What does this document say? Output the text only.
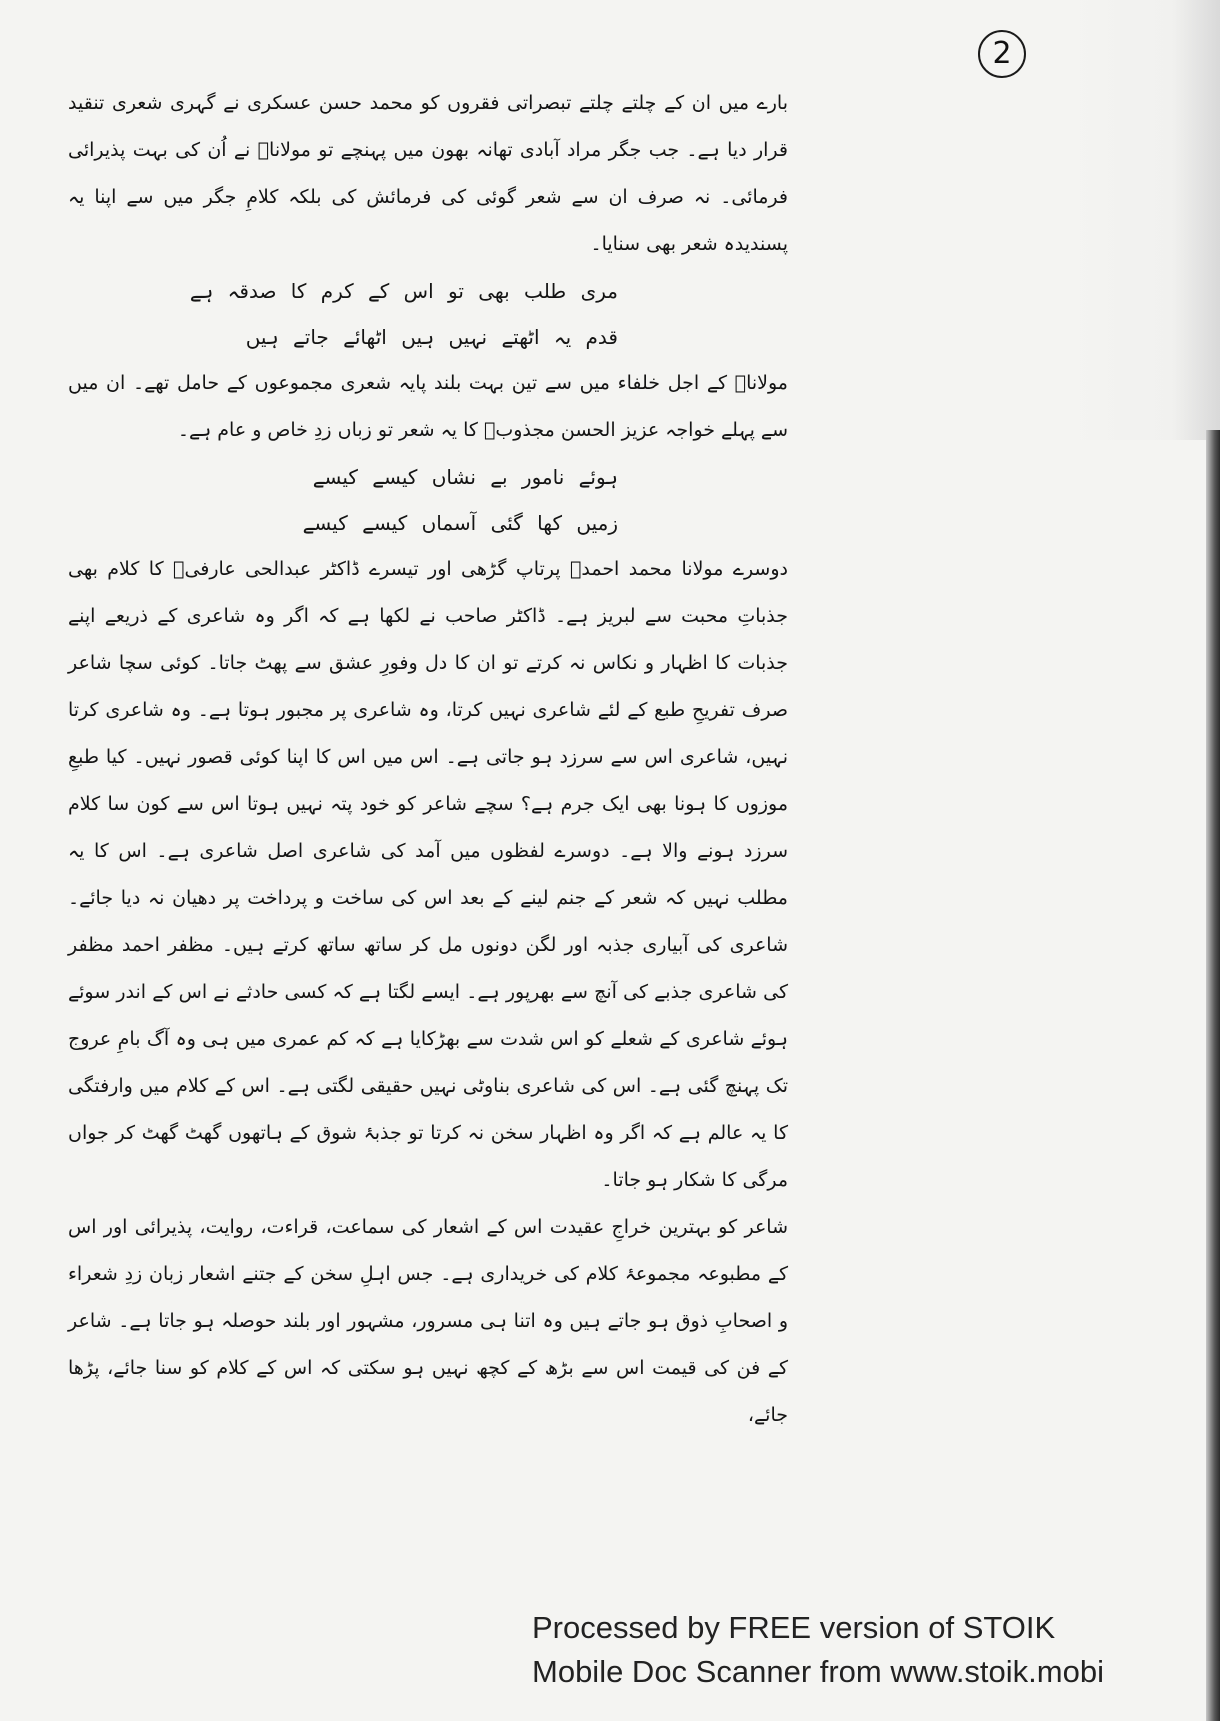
2

بارے میں ان کے چلتے چلتے تبصراتی فقروں کو محمد حسن عسکری نے گہری شعری تنقید قرار دیا ہے۔ جب جگر مراد آبادی تھانہ بھون میں پہنچے تو مولاناؒ نے اُن کی بہت پذیرائی فرمائی۔ نہ صرف ان سے شعر گوئی کی فرمائش کی بلکہ کلامِ جگر میں سے اپنا یہ پسندیدہ شعر بھی سنایا۔

مری طلب بھی تو اس کے کرم کا صدقہ ہے

قدم یہ اٹھتے نہیں ہیں اٹھائے جاتے ہیں

مولاناؒ کے اجل خلفاء میں سے تین بہت بلند پایہ شعری مجموعوں کے حامل تھے۔ ان میں سے پہلے خواجہ عزیز الحسن مجذوبؔ کا یہ شعر تو زباں زدِ خاص و عام ہے۔

ہوئے نامور بے نشاں کیسے کیسے

زمیں کھا گئی آسماں کیسے کیسے

دوسرے مولانا محمد احمدؔ پرتاپ گڑھی اور تیسرے ڈاکٹر عبدالحی عارفیؔ کا کلام بھی جذباتِ محبت سے لبریز ہے۔ ڈاکٹر صاحب نے لکھا ہے کہ اگر وہ شاعری کے ذریعے اپنے جذبات کا اظہار و نکاس نہ کرتے تو ان کا دل وفورِ عشق سے پھٹ جاتا۔ کوئی سچا شاعر صرف تفریحِ طبع کے لئے شاعری نہیں کرتا، وہ شاعری پر مجبور ہوتا ہے۔ وہ شاعری کرتا نہیں، شاعری اس سے سرزد ہو جاتی ہے۔ اس میں اس کا اپنا کوئی قصور نہیں۔ کیا طبعِ موزوں کا ہونا بھی ایک جرم ہے؟ سچے شاعر کو خود پتہ نہیں ہوتا اس سے کون سا کلام سرزد ہونے والا ہے۔ دوسرے لفظوں میں آمد کی شاعری اصل شاعری ہے۔ اس کا یہ مطلب نہیں کہ شعر کے جنم لینے کے بعد اس کی ساخت و پرداخت پر دھیان نہ دیا جائے۔ شاعری کی آبیاری جذبہ اور لگن دونوں مل کر ساتھ ساتھ کرتے ہیں۔ مظفر احمد مظفر کی شاعری جذبے کی آنچ سے بھرپور ہے۔ ایسے لگتا ہے کہ کسی حادثے نے اس کے اندر سوئے ہوئے شاعری کے شعلے کو اس شدت سے بھڑکایا ہے کہ کم عمری میں ہی وہ آگ بامِ عروج تک پہنچ گئی ہے۔ اس کی شاعری بناوٹی نہیں حقیقی لگتی ہے۔ اس کے کلام میں وارفتگی کا یہ عالم ہے کہ اگر وہ اظہار سخن نہ کرتا تو جذبۂ شوق کے ہاتھوں گھٹ گھٹ کر جواں مرگی کا شکار ہو جاتا۔

شاعر کو بہترین خراجِ عقیدت اس کے اشعار کی سماعت، قراءت، روایت، پذیرائی اور اس کے مطبوعہ مجموعۂ کلام کی خریداری ہے۔ جس اہلِ سخن کے جتنے اشعار زبان زدِ شعراء و اصحابِ ذوق ہو جاتے ہیں وہ اتنا ہی مسرور، مشہور اور بلند حوصلہ ہو جاتا ہے۔ شاعر کے فن کی قیمت اس سے بڑھ کے کچھ نہیں ہو سکتی کہ اس کے کلام کو سنا جائے، پڑھا جائے،

Processed by FREE version of STOIK
Mobile Doc Scanner from www.stoik.mobi
